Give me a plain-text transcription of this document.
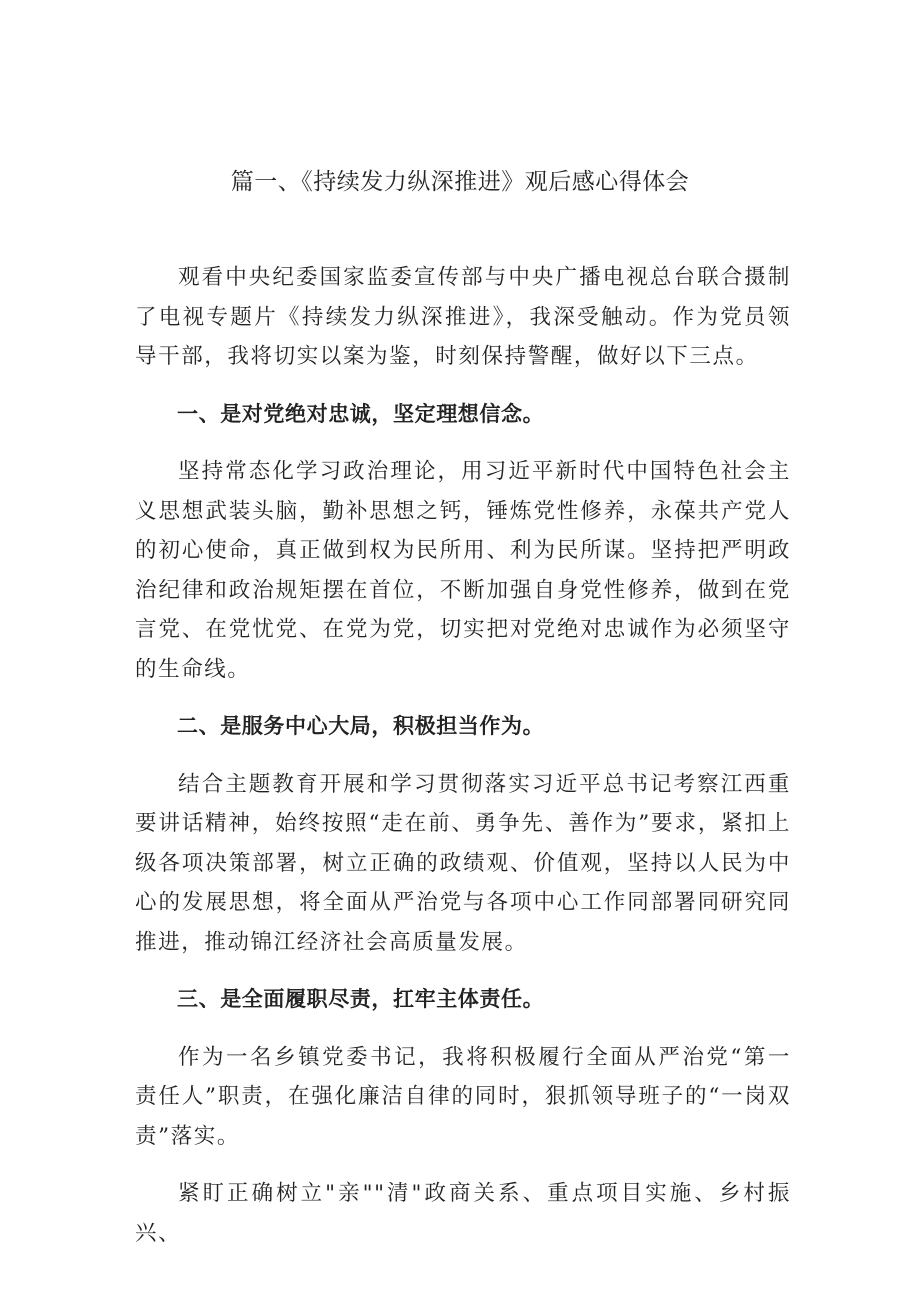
篇一、《持续发力纵深推进》观后感心得体会

观看中央纪委国家监委宣传部与中央广播电视总台联合摄制了电视专题片《持续发力纵深推进》，我深受触动。作为党员领导干部，我将切实以案为鉴，时刻保持警醒，做好以下三点。

一、是对党绝对忠诚，坚定理想信念。

坚持常态化学习政治理论，用习近平新时代中国特色社会主义思想武装头脑，勤补思想之钙，锤炼党性修养，永葆共产党人的初心使命，真正做到权为民所用、利为民所谋。坚持把严明政治纪律和政治规矩摆在首位，不断加强自身党性修养，做到在党言党、在党忧党、在党为党，切实把对党绝对忠诚作为必须坚守的生命线。

二、是服务中心大局，积极担当作为。

结合主题教育开展和学习贯彻落实习近平总书记考察江西重要讲话精神，始终按照“走在前、勇争先、善作为”要求，紧扣上级各项决策部署，树立正确的政绩观、价值观，坚持以人民为中心的发展思想，将全面从严治党与各项中心工作同部署同研究同推进，推动锦江经济社会高质量发展。

三、是全面履职尽责，扛牢主体责任。

作为一名乡镇党委书记，我将积极履行全面从严治党“第一责任人”职责，在强化廉洁自律的同时，狠抓领导班子的“一岗双责”落实。

紧盯正确树立"亲""清"政商关系、重点项目实施、乡村振兴、
